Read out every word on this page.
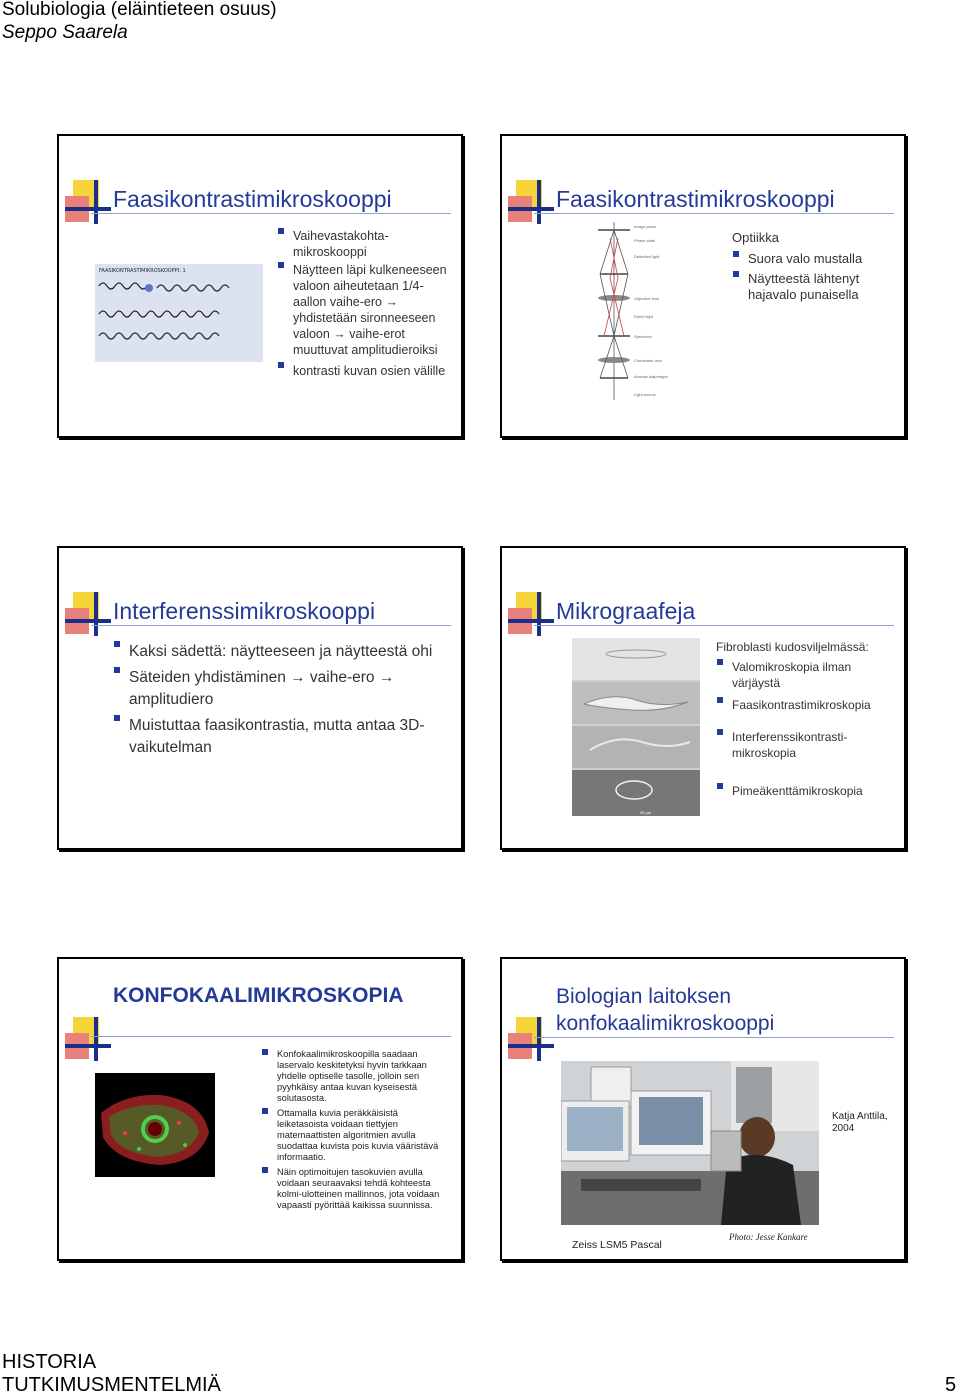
Solubiologia (eläintieteen osuus)
Seppo Saarela
Faasikontrastimikroskooppi
FAASIKONTRASTIMIKROSKOOPPI: 1
Vaihevastakohta-mikroskooppi
Näytteen läpi kulkeneeseen valoon aiheutetaan 1/4- aallon vaihe-ero → yhdistetään sironneeseen valoon → vaihe-erot muuttuvat amplitudieroiksi
kontrasti kuvan osien välille
Faasikontrastimikroskooppi
Image plane
Phase plate
Deflected light
Objective lens
Direct light
Specimen
Condenser lens
Annular diaphragm
Light source
Optiikka
Suora valo mustalla
Näytteestä lähtenyt hajavalo punaisella
Interferenssimikroskooppi
Kaksi sädettä: näytteeseen ja näytteestä ohi
Säteiden yhdistäminen → vaihe-ero → amplitudiero
Muistuttaa faasikontrastia, mutta antaa 3D-vaikutelman
Mikrograafeja
30 µm
Fibroblasti kudosviljelmässä:
Valomikroskopia ilman värjäystä
Faasikontrastimikroskopia
Interferenssikontrasti-mikroskopia
Pimeäkenttämikroskopia
KONFOKAALIMIKROSKOPIA
Konfokaalimikroskoopilla saadaan laservalo keskitetyksi hyvin tarkkaan yhdelle optiselle tasolle, jolloin sen pyyhkäisy antaa kuvan kyseisestä solutasosta.
Ottamalla kuvia peräkkäisistä leiketasoista voidaan tiettyjen matemaattisten algoritmien avulla suodattaa kuvista pois kuvia vääristävä informaatio.
Näin optimoitujen tasokuvien avulla voidaan seuraavaksi tehdä kohteesta kolmi-ulotteinen mallinnos, jota voidaan vapaasti pyörittää kaikissa suunnissa.
Biologian laitoksen
konfokaalimikroskooppi
Katja Anttila,
2004
Zeiss LSM5 Pascal
Photo: Jesse Kankare
HISTORIA
TUTKIMUSMENTELMIÄ	5
